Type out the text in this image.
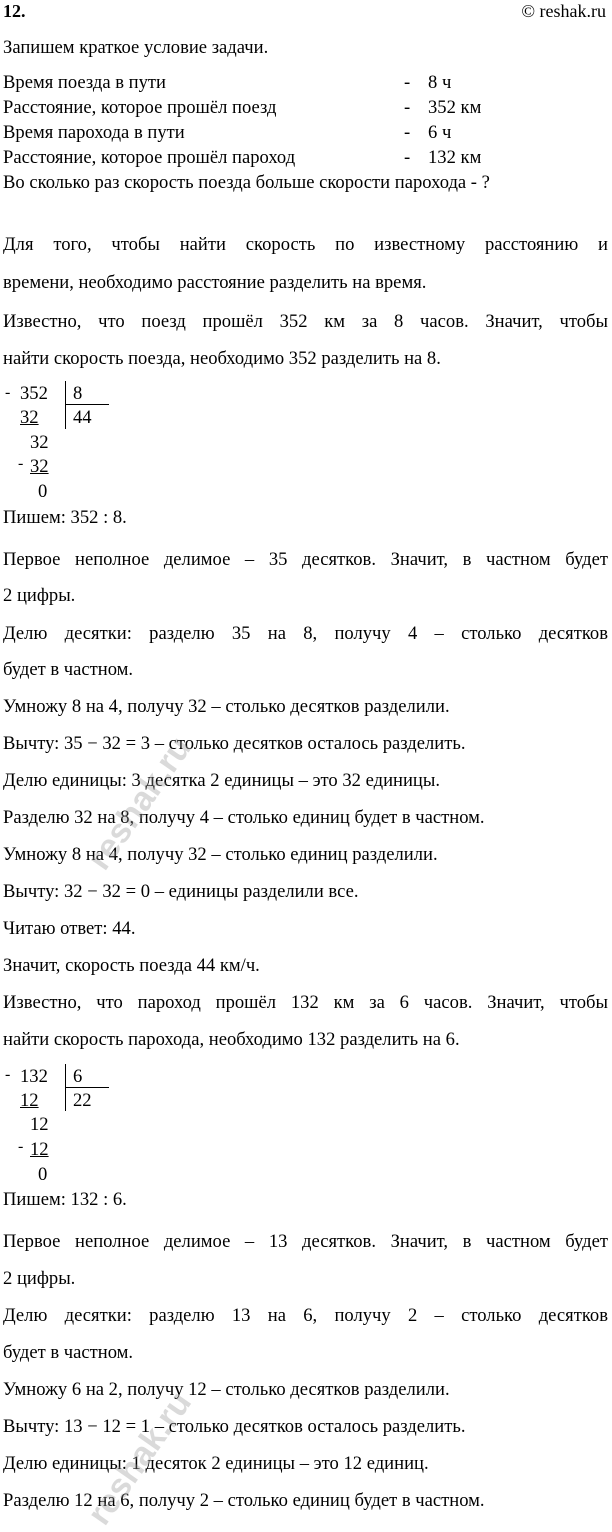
12.	© reshak.ru
Запишем краткое условие задачи.
Время поезда в пути	- 8 ч
Расстояние, которое прошёл поезд	- 352 км
Время парохода в пути	- 6 ч
Расстояние, которое прошёл пароход	- 132 км
Во сколько раз скорость поезда больше скорости парохода - ?
Для того, чтобы найти скорость по известному расстоянию и
времени, необходимо расстояние разделить на время.
Известно, что поезд прошёл 352 км за 8 часов. Значит, чтобы
найти скорость поезда, необходимо 352 разделить на 8.
- 352 8
44
32
32
- 32
0
Пишем: 352 : 8.
Первое неполное делимое – 35 десятков. Значит, в частном будет
2 цифры.
Делю десятки: разделю 35 на 8, получу 4 – столько десятков
будет в частном.
Умножу 8 на 4, получу 32 – столько десятков разделили.
Вычту: 35 − 32 = 3 – столько десятков осталось разделить.
Делю единицы: 3 десятка 2 единицы – это 32 единицы.
Разделю 32 на 8, получу 4 – столько единиц будет в частном.
Умножу 8 на 4, получу 32 – столько единиц разделили.
Вычту: 32 − 32 = 0 – единицы разделили все.
Читаю ответ: 44.
Значит, скорость поезда 44 км/ч.
Известно, что пароход прошёл 132 км за 6 часов. Значит, чтобы
найти скорость парохода, необходимо 132 разделить на 6.
- 132 6
22
12
12
- 12
0
Пишем: 132 : 6.
Первое неполное делимое – 13 десятков. Значит, в частном будет
2 цифры.
Делю десятки: разделю 13 на 6, получу 2 – столько десятков
будет в частном.
Умножу 6 на 2, получу 12 – столько десятков разделили.
Вычту: 13 − 12 = 1 – столько десятков осталось разделить.
Делю единицы: 1 десяток 2 единицы – это 12 единиц.
Разделю 12 на 6, получу 2 – столько единиц будет в частном.
reshak.ru
reshak.ru
